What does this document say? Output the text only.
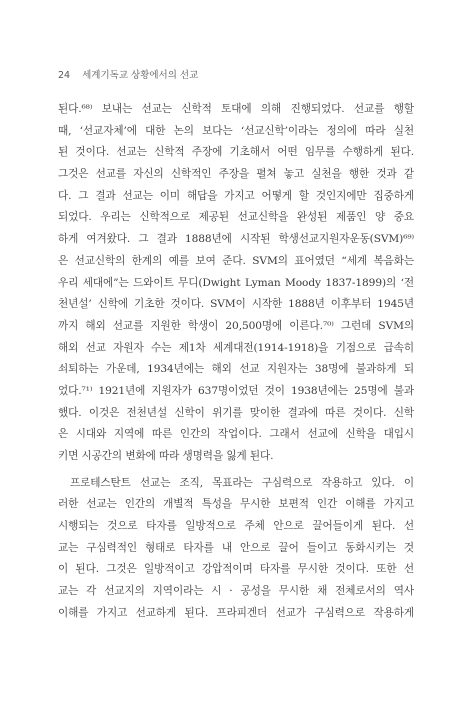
24 세계기독교 상황에서의 선교
된다.⁶⁸⁾ 보내는 선교는 신학적 토대에 의해 진행되었다. 선교를 행할
때, ‘선교자체’에 대한 논의 보다는 ‘선교신학’이라는 정의에 따라 실천
된 것이다. 선교는 신학적 주장에 기초해서 어떤 임무를 수행하게 된다.
그것은 선교를 자신의 신학적인 주장을 펼쳐 놓고 실천을 행한 것과 같
다. 그 결과 선교는 이미 해답을 가지고 어떻게 할 것인지에만 집중하게
되었다. 우리는 신학적으로 제공된 선교신학을 완성된 제품인 양 중요
하게 여겨왔다. 그 결과 1888년에 시작된 학생선교지원자운동(SVM)⁶⁹⁾
은 선교신학의 한계의 예를 보여 준다. SVM의 표어였던 “세계 복음화는
우리 세대에”는 드와이트 무디(Dwight Lyman Moody 1837-1899)의 ‘전
천년설’ 신학에 기초한 것이다. SVM이 시작한 1888년 이후부터 1945년
까지 해외 선교를 지원한 학생이 20,500명에 이른다.⁷⁰⁾ 그런데 SVM의
해외 선교 자원자 수는 제1차 세계대전(1914-1918)을 기점으로 급속히
쇠퇴하는 가운데, 1934년에는 해외 선교 지원자는 38명에 불과하게 되
었다.⁷¹⁾ 1921년에 지원자가 637명이었던 것이 1938년에는 25명에 불과
했다. 이것은 전천년설 신학이 위기를 맞이한 결과에 따른 것이다. 신학
은 시대와 지역에 따른 인간의 작업이다. 그래서 선교에 신학을 대입시
키면 시공간의 변화에 따라 생명력을 잃게 된다.
프로테스탄트 선교는 조직, 목표라는 구심력으로 작용하고 있다. 이
러한 선교는 인간의 개별적 특성을 무시한 보편적 인간 이해를 가지고
시행되는 것으로 타자를 일방적으로 주체 안으로 끌어들이게 된다. 선
교는 구심력적인 형태로 타자를 내 안으로 끌어 들이고 동화시키는 것
이 된다. 그것은 일방적이고 강압적이며 타자를 무시한 것이다. 또한 선
교는 각 선교지의 지역이라는 시 · 공성을 무시한 채 전체로서의 역사
이해를 가지고 선교하게 된다. 프라피겐더 선교가 구심력으로 작용하게
